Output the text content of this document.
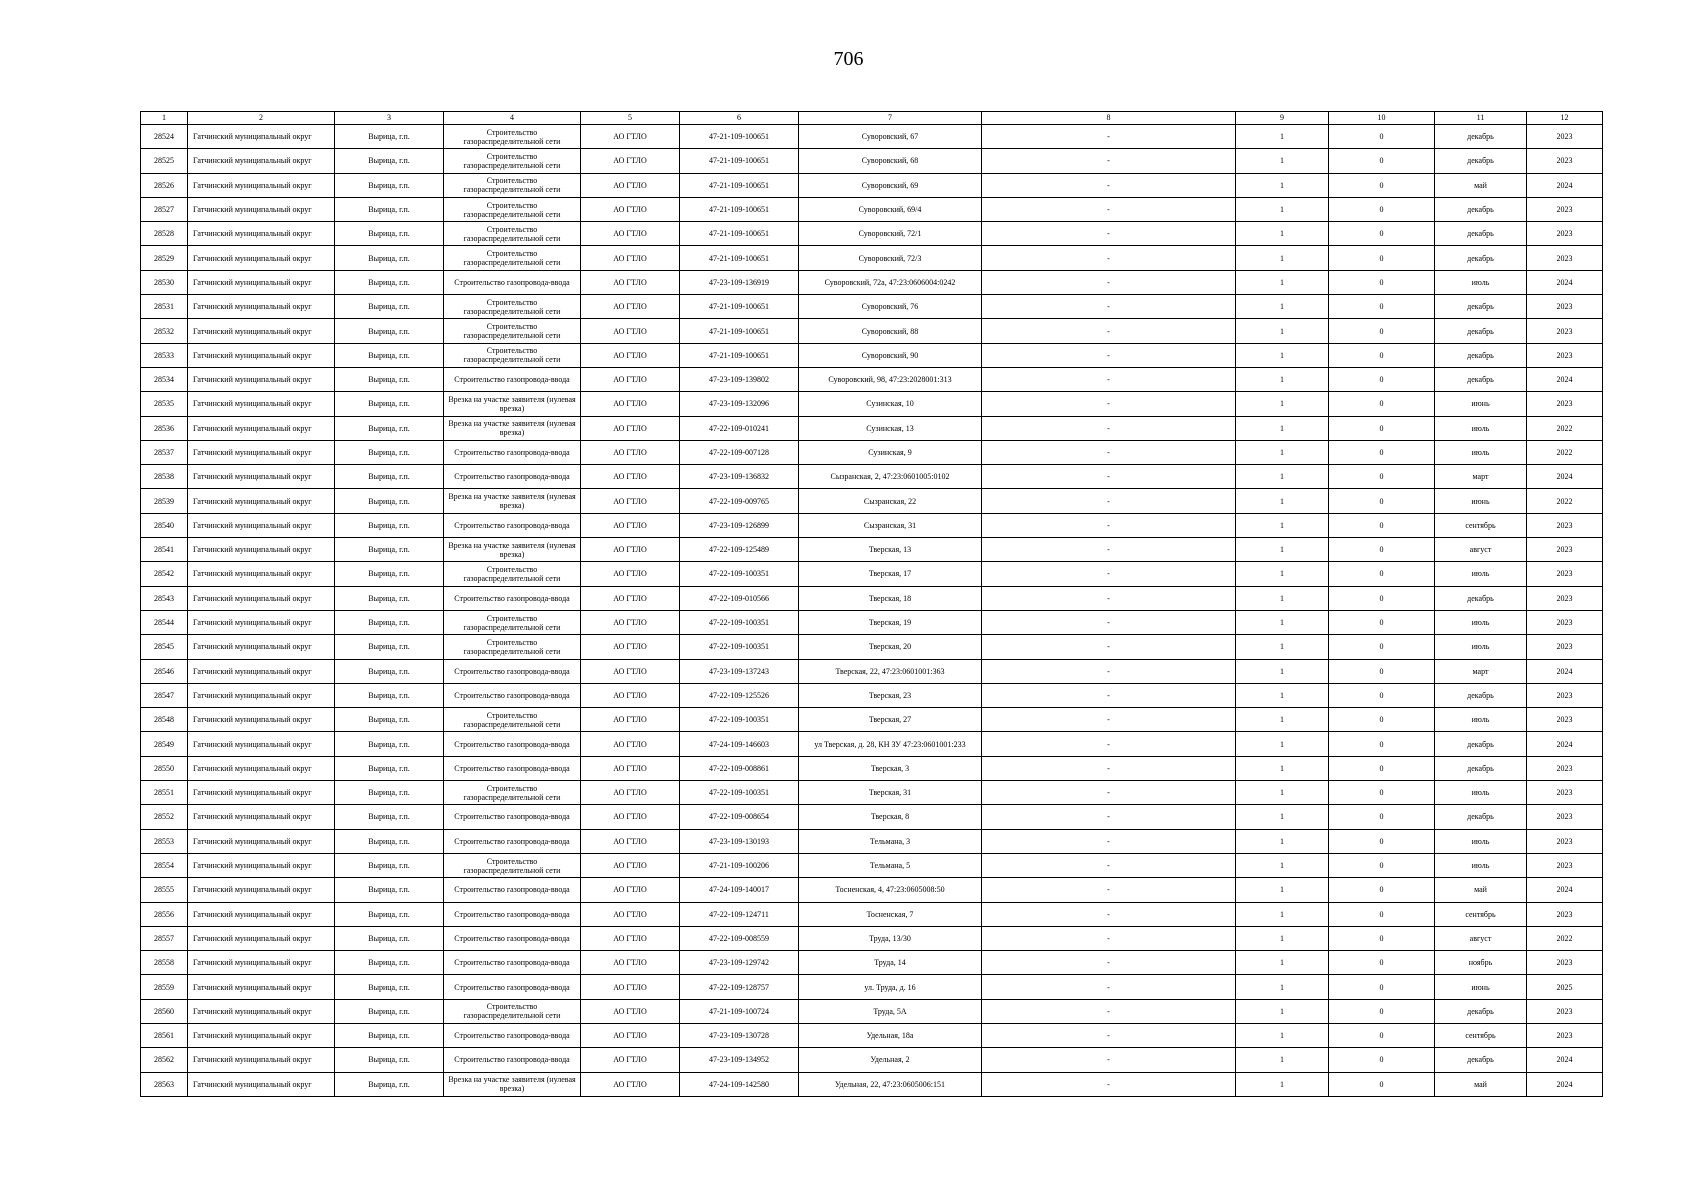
706
1	2	3	4	5	6	7	8	9	10	11	12
28524	Гатчинский муниципальный округ	Вырица, г.п.	Строительство газораспределительной сети	АО ГТЛО	47-21-109-100651	Суворовский, 67	-	1	0	декабрь	2023
28525	Гатчинский муниципальный округ	Вырица, г.п.	Строительство газораспределительной сети	АО ГТЛО	47-21-109-100651	Суворовский, 68	-	1	0	декабрь	2023
28526	Гатчинский муниципальный округ	Вырица, г.п.	Строительство газораспределительной сети	АО ГТЛО	47-21-109-100651	Суворовский, 69	-	1	0	май	2024
28527	Гатчинский муниципальный округ	Вырица, г.п.	Строительство газораспределительной сети	АО ГТЛО	47-21-109-100651	Суворовский, 69/4	-	1	0	декабрь	2023
28528	Гатчинский муниципальный округ	Вырица, г.п.	Строительство газораспределительной сети	АО ГТЛО	47-21-109-100651	Суворовский, 72/1	-	1	0	декабрь	2023
28529	Гатчинский муниципальный округ	Вырица, г.п.	Строительство газораспределительной сети	АО ГТЛО	47-21-109-100651	Суворовский, 72/3	-	1	0	декабрь	2023
28530	Гатчинский муниципальный округ	Вырица, г.п.	Строительство газопровода-ввода	АО ГТЛО	47-23-109-136919	Суворовский, 72а, 47:23:0606004:0242	-	1	0	июль	2024
28531	Гатчинский муниципальный округ	Вырица, г.п.	Строительство газораспределительной сети	АО ГТЛО	47-21-109-100651	Суворовский, 76	-	1	0	декабрь	2023
28532	Гатчинский муниципальный округ	Вырица, г.п.	Строительство газораспределительной сети	АО ГТЛО	47-21-109-100651	Суворовский, 88	-	1	0	декабрь	2023
28533	Гатчинский муниципальный округ	Вырица, г.п.	Строительство газораспределительной сети	АО ГТЛО	47-21-109-100651	Суворовский, 90	-	1	0	декабрь	2023
28534	Гатчинский муниципальный округ	Вырица, г.п.	Строительство газопровода-ввода	АО ГТЛО	47-23-109-139802	Суворовский, 98, 47:23:2028001:313	-	1	0	декабрь	2024
28535	Гатчинский муниципальный округ	Вырица, г.п.	Врезка на участке заявителя (нулевая врезка)	АО ГТЛО	47-23-109-132096	Сузинская, 10	-	1	0	июнь	2023
28536	Гатчинский муниципальный округ	Вырица, г.п.	Врезка на участке заявителя (нулевая врезка)	АО ГТЛО	47-22-109-010241	Сузинская, 13	-	1	0	июль	2022
28537	Гатчинский муниципальный округ	Вырица, г.п.	Строительство газопровода-ввода	АО ГТЛО	47-22-109-007128	Сузинская, 9	-	1	0	июль	2022
28538	Гатчинский муниципальный округ	Вырица, г.п.	Строительство газопровода-ввода	АО ГТЛО	47-23-109-136832	Сызранская, 2, 47:23:0601005:0102	-	1	0	март	2024
28539	Гатчинский муниципальный округ	Вырица, г.п.	Врезка на участке заявителя (нулевая врезка)	АО ГТЛО	47-22-109-009765	Сызранская, 22	-	1	0	июнь	2022
28540	Гатчинский муниципальный округ	Вырица, г.п.	Строительство газопровода-ввода	АО ГТЛО	47-23-109-126899	Сызранская, 31	-	1	0	сентябрь	2023
28541	Гатчинский муниципальный округ	Вырица, г.п.	Врезка на участке заявителя (нулевая врезка)	АО ГТЛО	47-22-109-125489	Тверская, 13	-	1	0	август	2023
28542	Гатчинский муниципальный округ	Вырица, г.п.	Строительство газораспределительной сети	АО ГТЛО	47-22-109-100351	Тверская, 17	-	1	0	июль	2023
28543	Гатчинский муниципальный округ	Вырица, г.п.	Строительство газопровода-ввода	АО ГТЛО	47-22-109-010566	Тверская, 18	-	1	0	декабрь	2023
28544	Гатчинский муниципальный округ	Вырица, г.п.	Строительство газораспределительной сети	АО ГТЛО	47-22-109-100351	Тверская, 19	-	1	0	июль	2023
28545	Гатчинский муниципальный округ	Вырица, г.п.	Строительство газораспределительной сети	АО ГТЛО	47-22-109-100351	Тверская, 20	-	1	0	июль	2023
28546	Гатчинский муниципальный округ	Вырица, г.п.	Строительство газопровода-ввода	АО ГТЛО	47-23-109-137243	Тверская, 22, 47:23:0601001:363	-	1	0	март	2024
28547	Гатчинский муниципальный округ	Вырица, г.п.	Строительство газопровода-ввода	АО ГТЛО	47-22-109-125526	Тверская, 23	-	1	0	декабрь	2023
28548	Гатчинский муниципальный округ	Вырица, г.п.	Строительство газораспределительной сети	АО ГТЛО	47-22-109-100351	Тверская, 27	-	1	0	июль	2023
28549	Гатчинский муниципальный округ	Вырица, г.п.	Строительство газопровода-ввода	АО ГТЛО	47-24-109-146603	ул Тверская, д. 28, КН ЗУ 47:23:0601001:233	-	1	0	декабрь	2024
28550	Гатчинский муниципальный округ	Вырица, г.п.	Строительство газопровода-ввода	АО ГТЛО	47-22-109-008861	Тверская, 3	-	1	0	декабрь	2023
28551	Гатчинский муниципальный округ	Вырица, г.п.	Строительство газораспределительной сети	АО ГТЛО	47-22-109-100351	Тверская, 31	-	1	0	июль	2023
28552	Гатчинский муниципальный округ	Вырица, г.п.	Строительство газопровода-ввода	АО ГТЛО	47-22-109-008654	Тверская, 8	-	1	0	декабрь	2023
28553	Гатчинский муниципальный округ	Вырица, г.п.	Строительство газопровода-ввода	АО ГТЛО	47-23-109-130193	Тельмана, 3	-	1	0	июль	2023
28554	Гатчинский муниципальный округ	Вырица, г.п.	Строительство газораспределительной сети	АО ГТЛО	47-21-109-100206	Тельмана, 5	-	1	0	июль	2023
28555	Гатчинский муниципальный округ	Вырица, г.п.	Строительство газопровода-ввода	АО ГТЛО	47-24-109-140017	Тосненская, 4, 47:23:0605008:50	-	1	0	май	2024
28556	Гатчинский муниципальный округ	Вырица, г.п.	Строительство газопровода-ввода	АО ГТЛО	47-22-109-124711	Тосненская, 7	-	1	0	сентябрь	2023
28557	Гатчинский муниципальный округ	Вырица, г.п.	Строительство газопровода-ввода	АО ГТЛО	47-22-109-008559	Труда, 13/30	-	1	0	август	2022
28558	Гатчинский муниципальный округ	Вырица, г.п.	Строительство газопровода-ввода	АО ГТЛО	47-23-109-129742	Труда, 14	-	1	0	ноябрь	2023
28559	Гатчинский муниципальный округ	Вырица, г.п.	Строительство газопровода-ввода	АО ГТЛО	47-22-109-128757	ул. Труда, д. 16	-	1	0	июнь	2025
28560	Гатчинский муниципальный округ	Вырица, г.п.	Строительство газораспределительной сети	АО ГТЛО	47-21-109-100724	Труда, 5А	-	1	0	декабрь	2023
28561	Гатчинский муниципальный округ	Вырица, г.п.	Строительство газопровода-ввода	АО ГТЛО	47-23-109-130728	Удельная, 18а	-	1	0	сентябрь	2023
28562	Гатчинский муниципальный округ	Вырица, г.п.	Строительство газопровода-ввода	АО ГТЛО	47-23-109-134952	Удельная, 2	-	1	0	декабрь	2024
28563	Гатчинский муниципальный округ	Вырица, г.п.	Врезка на участке заявителя (нулевая врезка)	АО ГТЛО	47-24-109-142580	Удельная, 22, 47:23:0605006:151	-	1	0	май	2024
